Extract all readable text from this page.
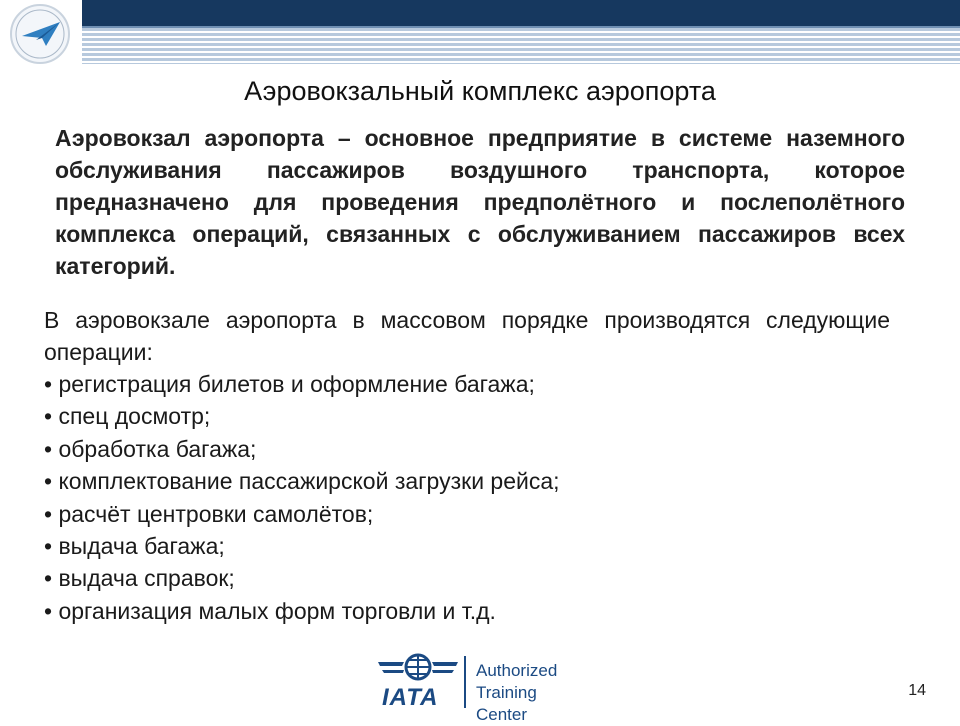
Аэровокзальный комплекс аэропорта
Аэровокзал аэропорта – основное предприятие в системе наземного обслуживания пассажиров воздушного транспорта, которое предназначено для проведения предполётного и послеполётного комплекса операций, связанных с обслуживанием пассажиров всех категорий.
В аэровокзале аэропорта в массовом порядке производятся следующие операции:
• регистрация билетов и оформление багажа;
• спец досмотр;
• обработка багажа;
• комплектование пассажирской загрузки рейса;
• расчёт центровки самолётов;
• выдача багажа;
• выдача справок;
• организация малых форм торговли и т.д.
IATA
Authorized
Training Center
14
